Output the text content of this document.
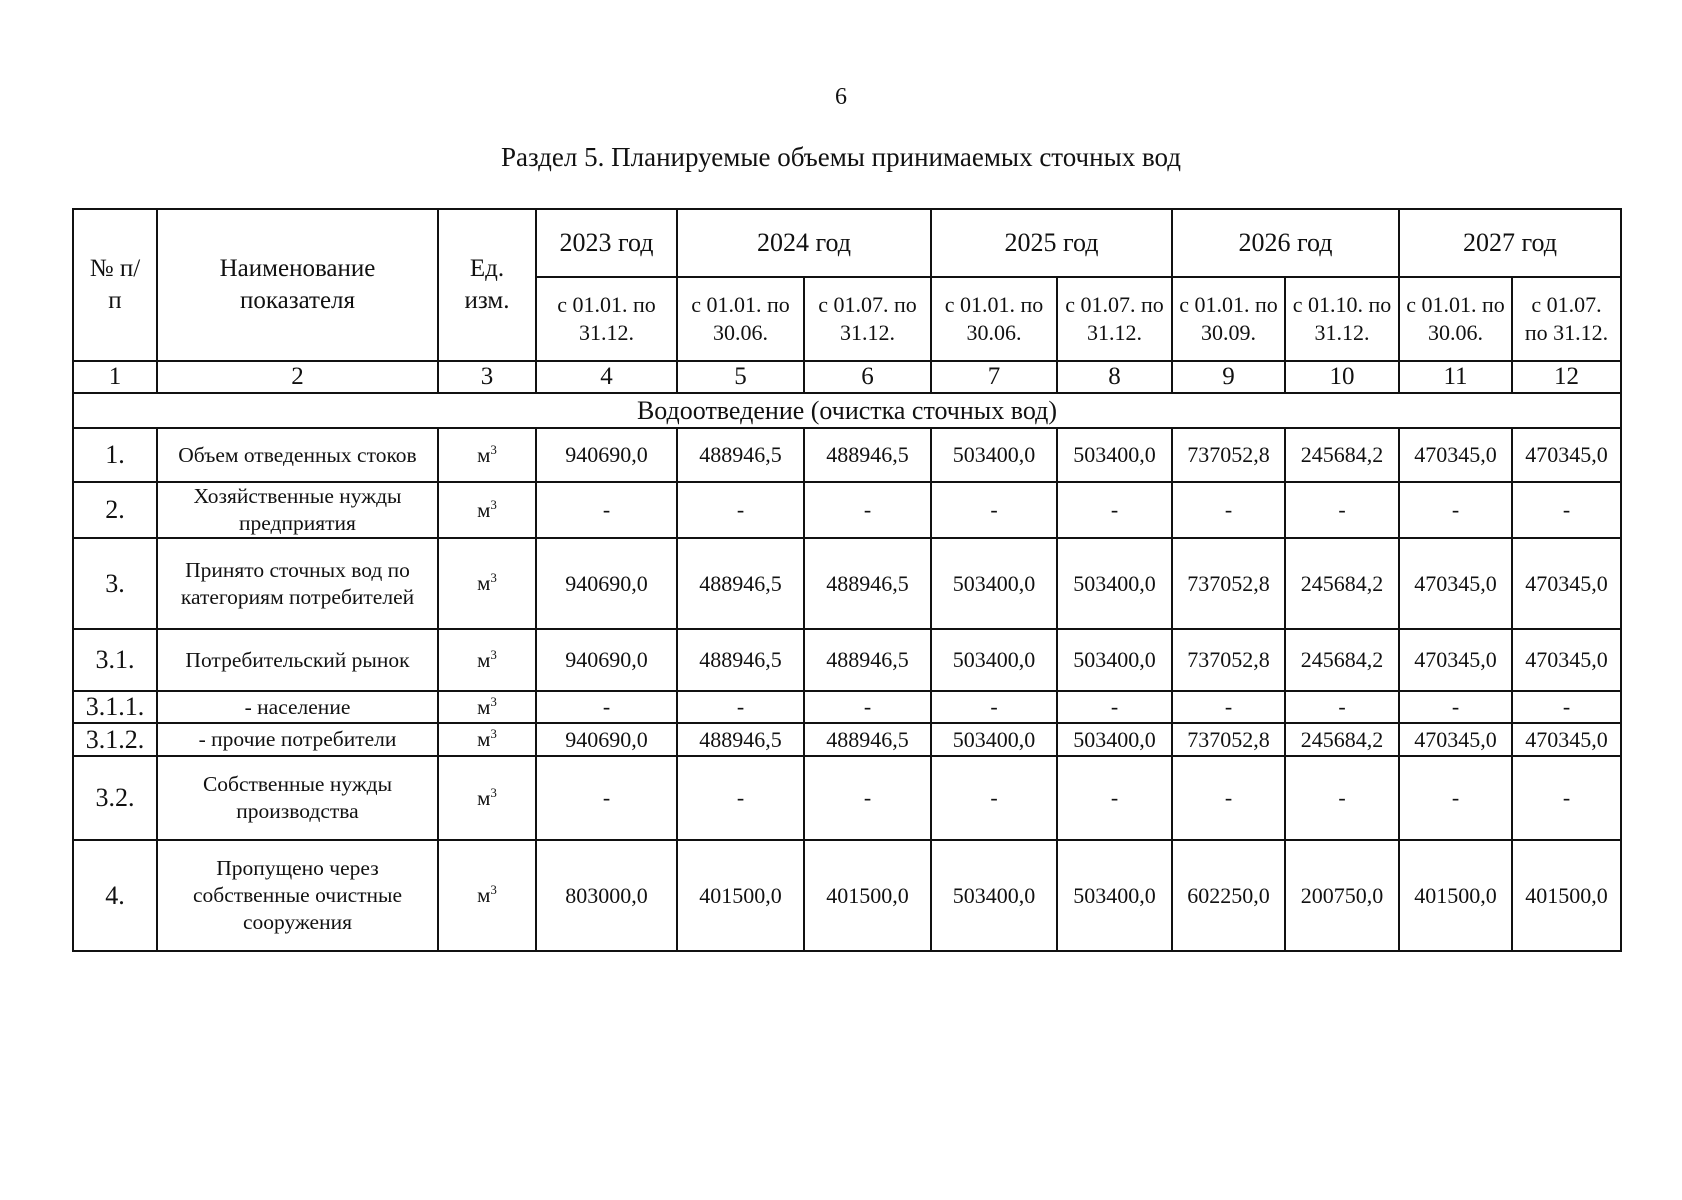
6
Раздел 5. Планируемые объемы принимаемых сточных вод
№ п/п	Наименование показателя	Ед. изм.	2023 год	2024 год		2025 год		2026 год		2027 год	
			с 01.01. по 31.12.	с 01.01. по 30.06.	с 01.07. по 31.12.	с 01.01. по 30.06.	с 01.07. по 31.12.	с 01.01. по 30.09.	с 01.10. по 31.12.	с 01.01. по 30.06.	с 01.07. по 31.12.
1	2	3	4	5	6	7	8	9	10	11	12
Водоотведение (очистка сточных вод)											
1.	Объем отведенных стоков	$м^3$	940690,0	488946,5	488946,5	503400,0	503400,0	737052,8	245684,2	470345,0	470345,0
2.	Хозяйственные нужды предприятия	$м^3$	-	-	-	-	-	-	-	-	-
3.	Принято сточных вод по категориям потребителей	$м^3$	940690,0	488946,5	488946,5	503400,0	503400,0	737052,8	245684,2	470345,0	470345,0
3.1.	Потребительский рынок	$м^3$	940690,0	488946,5	488946,5	503400,0	503400,0	737052,8	245684,2	470345,0	470345,0
3.1.1.	- население	$м^3$	-	-	-	-	-	-	-	-	-
3.1.2.	- прочие потребители	$м^3$	940690,0	488946,5	488946,5	503400,0	503400,0	737052,8	245684,2	470345,0	470345,0
3.2.	Собственные нужды производства	$м^3$	-	-	-	-	-	-	-	-	-
4.	Пропущено через собственные очистные сооружения	$м^3$	803000,0	401500,0	401500,0	503400,0	503400,0	602250,0	200750,0	401500,0	401500,0
